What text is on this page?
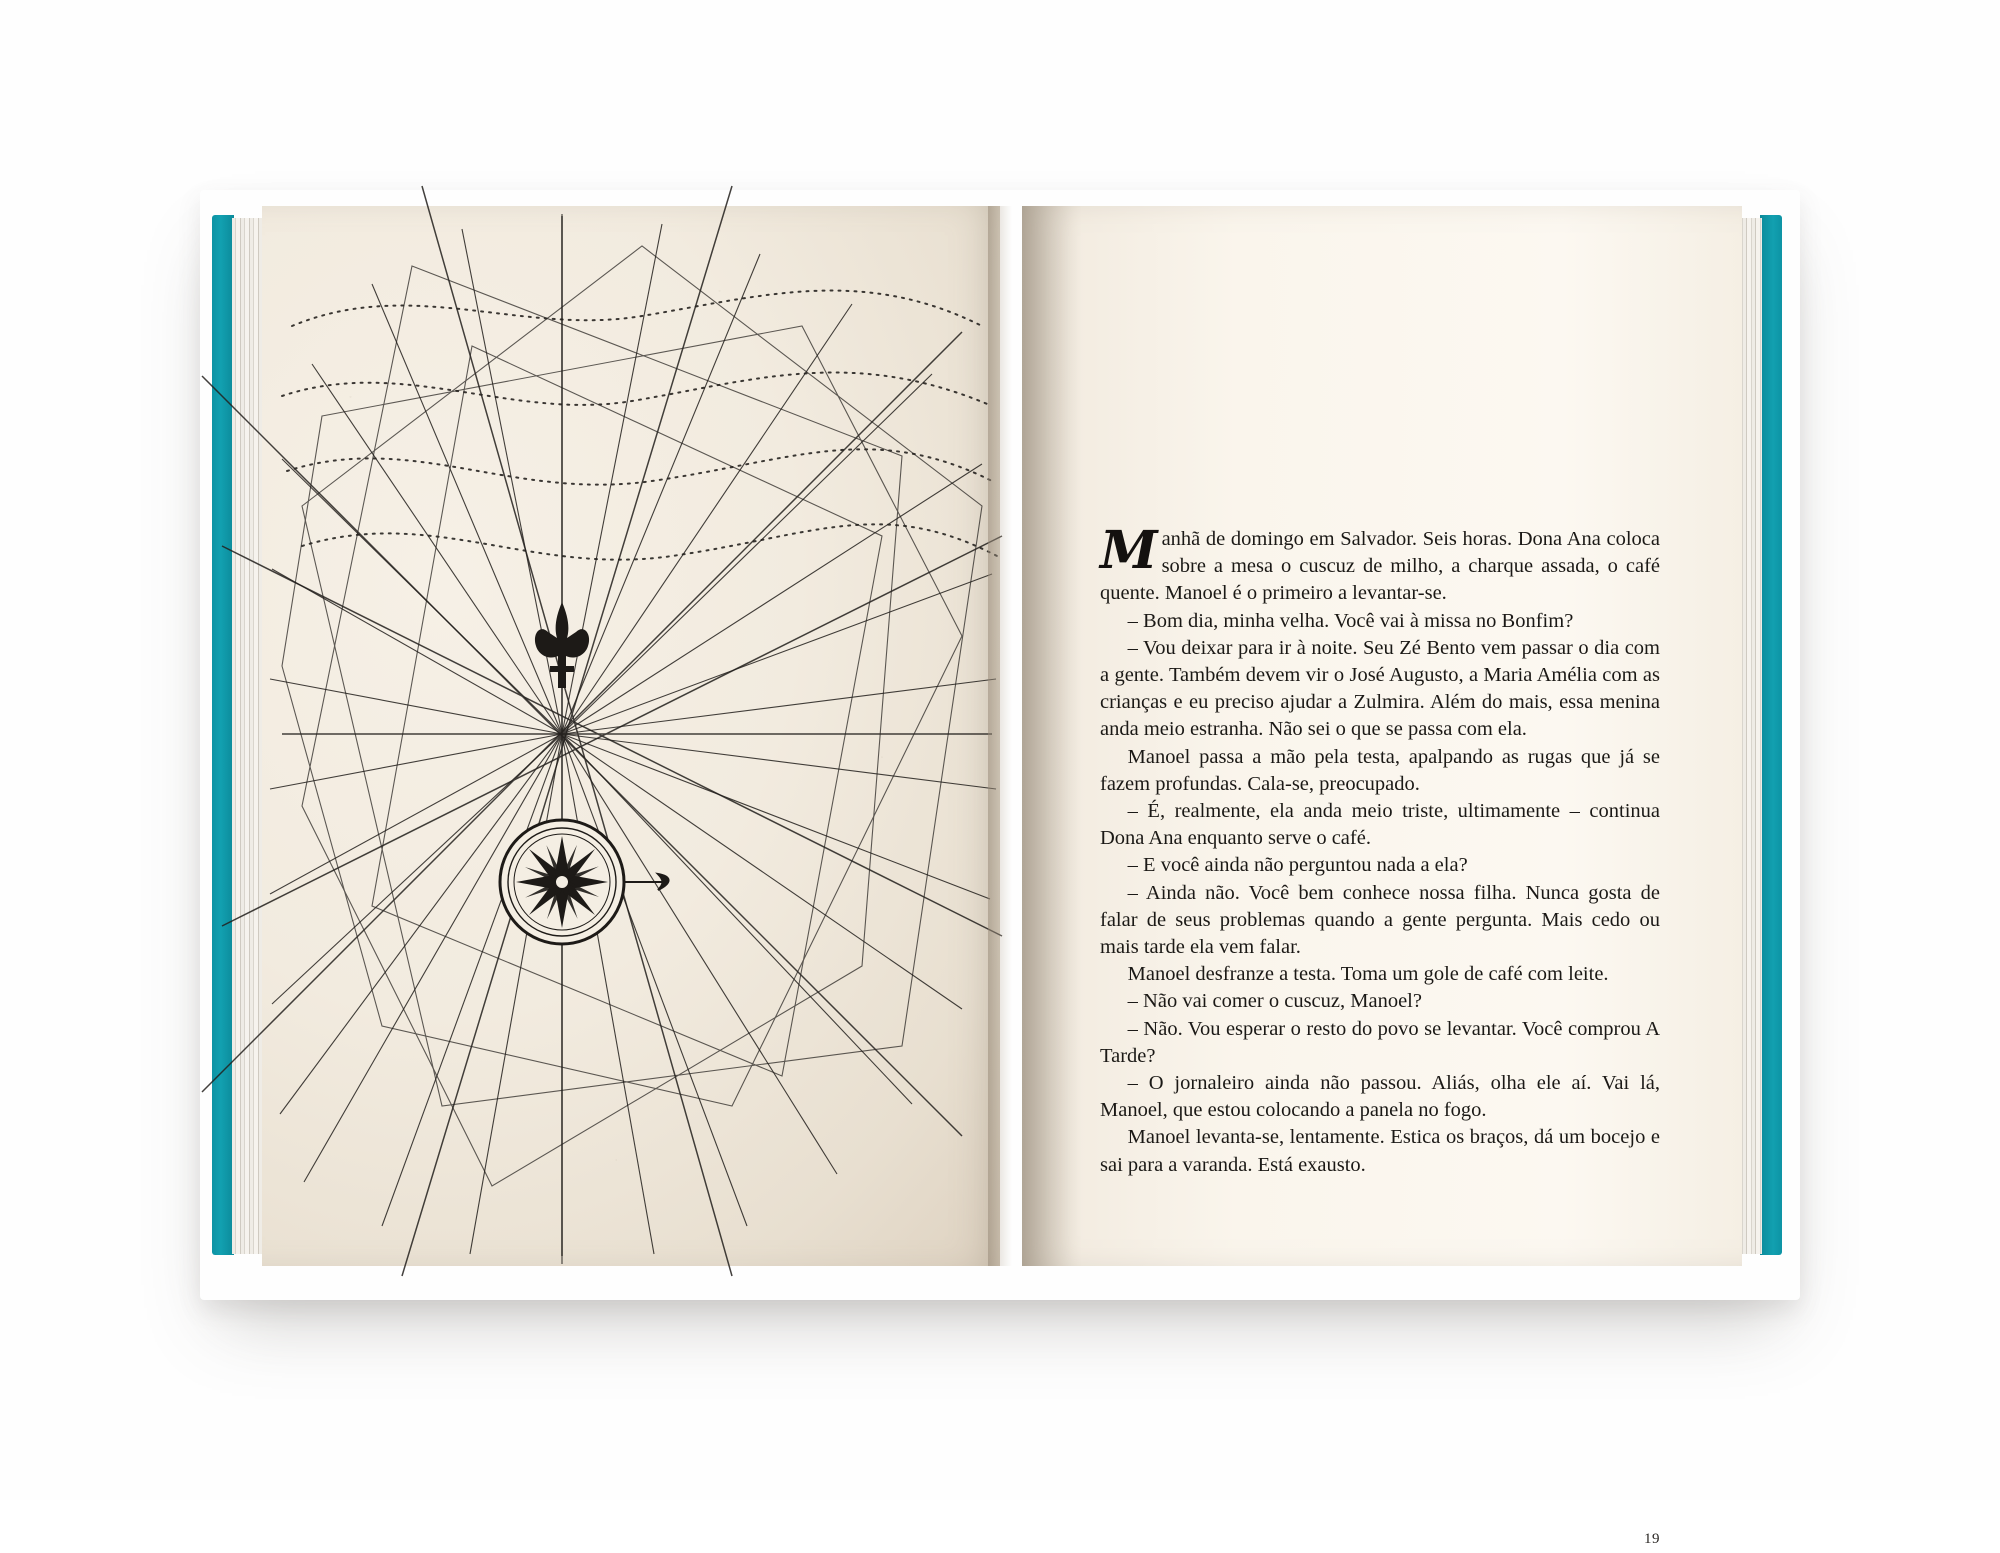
Manhã de domingo em Salvador. Seis horas. Dona Ana coloca sobre a mesa o cuscuz de milho, a charque assada, o café quente. Manoel é o primeiro a levantar-se.

– Bom dia, minha velha. Você vai à missa no Bonfim?

– Vou deixar para ir à noite. Seu Zé Bento vem passar o dia com a gente. Também devem vir o José Augusto, a Maria Amélia com as crianças e eu preciso ajudar a Zulmira. Além do mais, essa menina anda meio estranha. Não sei o que se passa com ela.

Manoel passa a mão pela testa, apalpando as rugas que já se fazem profundas. Cala-se, preocupado.

– É, realmente, ela anda meio triste, ultimamente – continua Dona Ana enquanto serve o café.

– E você ainda não perguntou nada a ela?

– Ainda não. Você bem conhece nossa filha. Nunca gosta de falar de seus problemas quando a gente pergunta. Mais cedo ou mais tarde ela vem falar.

Manoel desfranze a testa. Toma um gole de café com leite.

– Não vai comer o cuscuz, Manoel?

– Não. Vou esperar o resto do povo se levantar. Você comprou A Tarde?

– O jornaleiro ainda não passou. Aliás, olha ele aí. Vai lá, Manoel, que estou colocando a panela no fogo.

Manoel levanta-se, lentamente. Estica os braços, dá um bocejo e sai para a varanda. Está exausto.

19
